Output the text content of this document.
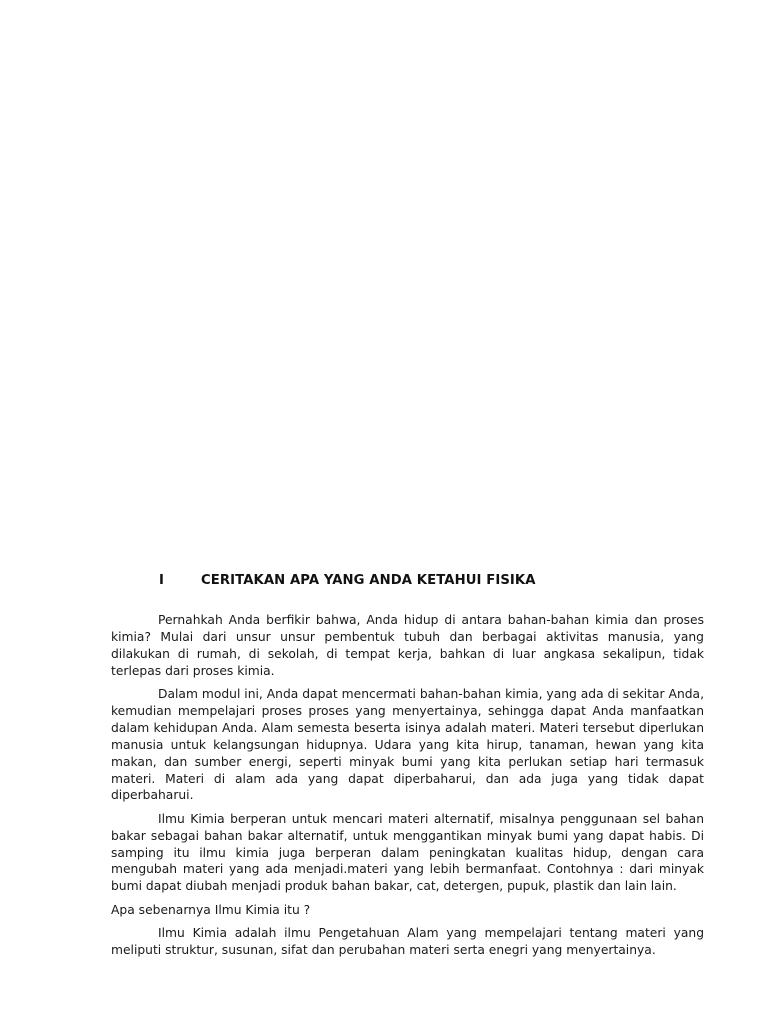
I	CERITAKAN APA YANG ANDA KETAHUI FISIKA

Pernahkah Anda berfikir bahwa, Anda hidup di antara bahan-bahan kimia dan proses kimia? Mulai dari unsur unsur pembentuk tubuh dan berbagai aktivitas manusia, yang dilakukan di rumah, di sekolah, di tempat kerja, bahkan di luar angkasa sekalipun, tidak terlepas dari proses kimia.

Dalam modul ini, Anda dapat mencermati bahan-bahan kimia, yang ada di sekitar Anda, kemudian mempelajari proses proses yang menyertainya, sehingga dapat Anda manfaatkan dalam kehidupan Anda. Alam semesta beserta isinya adalah materi. Materi tersebut diperlukan manusia untuk kelangsungan hidupnya. Udara yang kita hirup, tanaman, hewan yang kita makan, dan sumber energi, seperti minyak bumi yang kita perlukan setiap hari termasuk materi. Materi di alam ada yang dapat diperbaharui, dan ada juga yang tidak dapat diperbaharui.

Ilmu Kimia berperan untuk mencari materi alternatif, misalnya penggunaan sel bahan bakar sebagai bahan bakar alternatif, untuk menggantikan minyak bumi yang dapat habis. Di samping itu ilmu kimia juga berperan dalam peningkatan kualitas hidup, dengan cara mengubah materi yang ada menjadi.materi yang lebih bermanfaat. Contohnya : dari minyak bumi dapat diubah menjadi produk bahan bakar, cat, detergen, pupuk, plastik dan lain lain.

Apa sebenarnya Ilmu Kimia itu ?

Ilmu Kimia adalah ilmu Pengetahuan Alam yang mempelajari tentang materi yang meliputi struktur, susunan, sifat dan perubahan materi serta enegri yang menyertainya.
